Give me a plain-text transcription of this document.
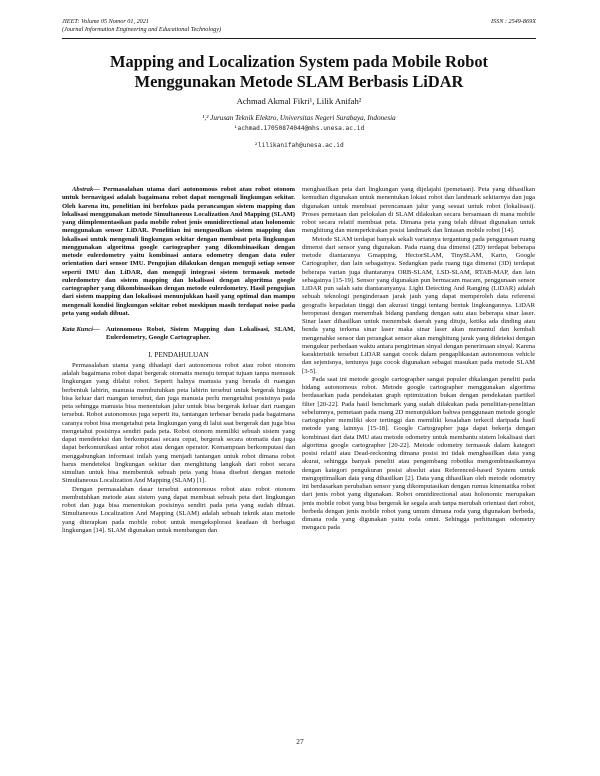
JIEET: Volume 05 Nomor 01, 2021
(Journal Information Engineering and Educational Technology)
ISSN : 2549-869X
Mapping and Localization System pada Mobile Robot
Menggunakan Metode SLAM Berbasis LiDAR
Achmad Akmal Fikri¹, Lilik Anifah²
¹,² Jurusan Teknik Elektro, Universitas Negeri Surabaya, Indonesia
¹achmad.17050874044@mhs.unesa.ac.id
²lilikanifah@unesa.ac.id

Abstrak— Permasalahan utama dari autonomous robot atau robot otonom untuk bernavigasi adalah bagaimana robot dapat mengenali lingkungan sekitar. Oleh karena itu, penelitian ini berfokus pada perancangan sistem mapping dan lokalisasi menggunakan metode Simultaneous Localization And Mapping (SLAM) yang diimplementasikan pada mobile robot jenis omnidirectional atau holonomic menggunakan sensor LiDAR. Penelitian ini mengusulkan sistem mapping dan lokalisasi untuk mengenali lingkungan sekitar dengan membuat peta lingkungan menggunakan algoritma google cartographer yang dikombinasikan dengan metode eulerdometry yaitu kombinasi antara odometry dengan data euler orientation dari sensor IMU. Pengujian dilakukan dengan menguji setiap sensor seperti IMU dan LiDAR, dan menguji integrasi sistem termasuk metode eulerdometry dan sistem mapping dan lokalisasi dengan algoritma google cartographer yang dikombinasikan dengan metode eulerdometry. Hasil pengujian dari sistem mapping dan lokalisasi menunjukkan hasil yang optimal dan mampu mengenali kondisi lingkungan sekitar robot meskipun masih terdapat noise pada peta yang sudah dibuat.

Kata Kunci— Autonomous Robot, Sistem Mapping dan Lokalisasi, SLAM, Eulerdometry, Google Cartographer.
I. PENDAHULUAN

Permasalahan utama yang dihadapi dari autonomous robot atau robot otonom adalah bagaimana robot dapat bergerak otomatis menuju tempat tujuan tanpa menusuk lingkungan yang dilalui robot. Seperti halnya manusia yang berada di ruangan berbentuk labirin, manusia membutuhkan peta labirin tersebut untuk bergerak hingga bisa keluar dari ruangan tersebut, dan juga manusia perlu mengetahui posisinya pada peta sehingga manusia bisa menentukan jalur untuk bisa bergerak keluar dari ruangan tersebut. Robot autonomous juga seperti itu, tantangan terbesar berada pada bagaimana caranya robot bisa mengetahui peta lingkungan yang di lalui saat bergerak dan juga bisa mengetahui posisinya sendiri pada peta. Robot otonom memiliki sebuah sistem yang dapat mendeteksi dan berkomputasi secara cepat, bergerak secara otomatis dan juga dapat berkomunikasi antar robot atau dengan operator. Kemampuan berkomputasi dan menggabungkan informasi inilah yang menjadi tantangan untuk robot dimana robot harus mendeteksi lingkungan sekitar dan menghitung langkah dari robot secara simultan untuk bisa membentuk sebuah peta yang biasa disebut dengan metode Simultaneous Localization And Mapping (SLAM) [1].

Dengan permasalahan dasar tersebut autonomous robot atau robot otonom membutuhkan metode atau sistem yang dapat membuat sebuah peta dari lingkungan robot dan juga bisa menentukan posisinya sendiri pada peta yang sudah dibuat. Simultaneous Localization And Mapping (SLAM) adalah sebuah teknik atau metode yang diterapkan pada mobile robot untuk mengeksplorasi keadaan di berbagai lingkungan [14]. SLAM digunakan untuk membangun dan

menghasilkan peta dari lingkungan yang dijelajahi (pemetaan). Peta yang dihasilkan kemudian digunakan untuk menentukan lokasi robot dan landmark sekitarnya dan juga digunakan untuk membuat perencanaan jalur yang sesuai untuk robot (lokalisasi). Proses pemetaan dan pelokalan di SLAM dilakukan secara bersamaan di mana mobile robot secara relatif membuat peta. Dimana peta yang telah dibuat digunakan untuk menghitung dan memperkirakan posisi landmark dan lintasan mobile robot [14].

Metode SLAM terdapat banyak sekali variannya tergantung pada penggunaan ruang dimensi dari sensor yang digunakan. Pada ruang dua dimensi (2D) terdapat beberapa metode diantaranya Gmapping, HectorSLAM, TinySLAM, Karto, Google Cartographer, dan lain sebagainya. Sedangkan pada ruang tiga dimensi (3D) terdapat beberapa varian juga diantaranya ORB-SLAM, LSD-SLAM, RTAB-MAP, dan lain sebagainya [15-19]. Sensor yang digunakan pun bermacam macam, penggunaan sensor LiDAR pun salah satu diantaranyanya. Light Detecting And Ranging (LiDAR) adalah sebuah teknologi penginderaan jarak jauh yang dapat memperoleh data referensi geografis kepadatan tinggi dan akurasi tinggi tentang bentuk lingkungannya. LiDAR beroperasi dengan menembak bidang pandang dengan satu atau beberapa sinar laser. Sinar laser dihasilkan untuk menembak daerah yang dituju, ketika ada dinding atau benda yang terkena sinar laser maka sinar laser akan memantul dan kembali mengenahke sensor dan perangkat sensor akan menghitung jarak yang dideteksi dengan mengukur perbedaan waktu antara pengiriman sinyal dengan penerimaan sinyal. Karena karakteristik tersebut LiDAR sangat cocok dalam pengaplikasian autonomous vehicle dan sejenisnya, tentunya juga cocok digunakan sebagai masukan pada metode SLAM [3-5].

Pada saat ini metode google cartographer sangat populer dikalangan peneliti pada bidang autonomous robot. Metode google cartographer menggunakan algoritma berdasarkan pada pendekatan graph optimization bukan dengan pendekatan partikel filter [20-22]. Pada hasil benchmark yang sudah dilakukan pada penelitian-penelitian sebelumnya, pemetaan pada ruang 2D menunjukkan bahwa penggunaan metode google cartographer memiliki skor tertinggi dan memiliki kesalahan terkecil daripada hasil metode yang lainnya [15-18]. Google Cartographer juga dapat bekerja dengan kombinasi dari data IMU atau metode odometry untuk membantu sistem lokalisasi dari algoritma google cartographer [20-22]. Metode odometry termasuk dalam kategori posisi relatif atau Dead-reckoning dimana posisi ini tidak menghasilkan data yang akurat, sehingga banyak peneliti atau pengembang robotika mengombinasikannya dengan kategori pengukuran posisi absolut atau Referenced-based System untuk mengoptimalkan data yang dihasilkan [2]. Data yang dihasilkan oleh metode odometry ini berdasarkan perubahan sensor yang dikomputasikan dengan rumus kinematika robot dari jenis robot yang digunakan. Robot omnidirectional atau holonomic merupakan jenis mobile robot yang bisa bergerak ke segala arah tanpa merubah orientasi dari robot, berbeda dengan jenis mobile robot yang umum dimana roda yang digunakan berbeda, dimana roda yang digunakan yaitu roda omni. Sehingga perhitungan odometry mengacu pada

27
